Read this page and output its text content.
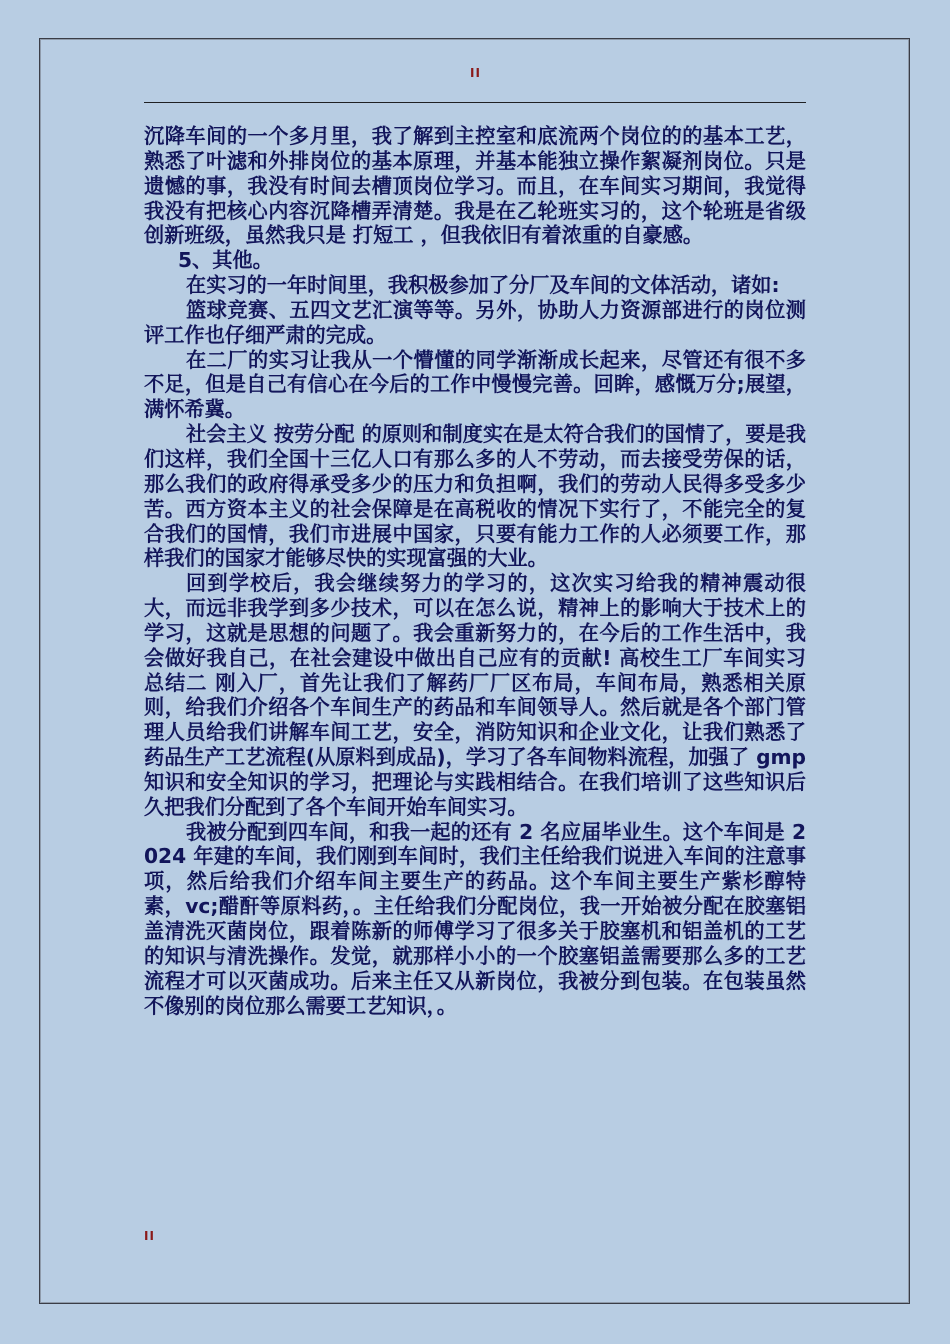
II

沉降车间的一个多月里，我了解到主控室和底流两个岗位的的基本工艺，熟悉了叶滤和外排岗位的基本原理，并基本能独立操作絮凝剂岗位。只是遗憾的事，我没有时间去槽顶岗位学习。而且，在车间实习期间，我觉得我没有把核心内容沉降槽弄清楚。我是在乙轮班实习的，这个轮班是省级创新班级，虽然我只是 打短工 ，但我依旧有着浓重的自豪感。

5、其他。

在实习的一年时间里，我积极参加了分厂及车间的文体活动，诸如:

篮球竞赛、五四文艺汇演等等。另外，协助人力资源部进行的岗位测评工作也仔细严肃的完成。

在二厂的实习让我从一个懵懂的同学渐渐成长起来，尽管还有很不多不足，但是自己有信心在今后的工作中慢慢完善。回眸，感慨万分;展望，满怀希冀。

社会主义 按劳分配 的原则和制度实在是太符合我们的国情了，要是我们这样，我们全国十三亿人口有那么多的人不劳动，而去接受劳保的话，那么我们的政府得承受多少的压力和负担啊，我们的劳动人民得多受多少苦。西方资本主义的社会保障是在高税收的情况下实行了，不能完全的复合我们的国情，我们市进展中国家，只要有能力工作的人必须要工作，那样我们的国家才能够尽快的实现富强的大业。

回到学校后，我会继续努力的学习的，这次实习给我的精神震动很大，而远非我学到多少技术，可以在怎么说，精神上的影响大于技术上的学习，这就是思想的问题了。我会重新努力的，在今后的工作生活中，我会做好我自己，在社会建设中做出自己应有的贡献! 高校生工厂车间实习总结二 刚入厂，首先让我们了解药厂厂区布局，车间布局，熟悉相关原则，给我们介绍各个车间生产的药品和车间领导人。然后就是各个部门管理人员给我们讲解车间工艺，安全，消防知识和企业文化，让我们熟悉了药品生产工艺流程(从原料到成品)，学习了各车间物料流程，加强了 gmp 知识和安全知识的学习，把理论与实践相结合。在我们培训了这些知识后久把我们分配到了各个车间开始车间实习。

我被分配到四车间，和我一起的还有 2 名应届毕业生。这个车间是 2024 年建的车间，我们刚到车间时，我们主任给我们说进入车间的注意事项，然后给我们介绍车间主要生产的药品。这个车间主要生产紫杉醇特素，vc;醋酐等原料药，。主任给我们分配岗位，我一开始被分配在胶塞铝盖清洗灭菌岗位，跟着陈新的师傅学习了很多关于胶塞机和铝盖机的工艺的知识与清洗操作。发觉，就那样小小的一个胶塞铝盖需要那么多的工艺流程才可以灭菌成功。后来主任又从新岗位，我被分到包装。在包装虽然不像别的岗位那么需要工艺知识，。

II
